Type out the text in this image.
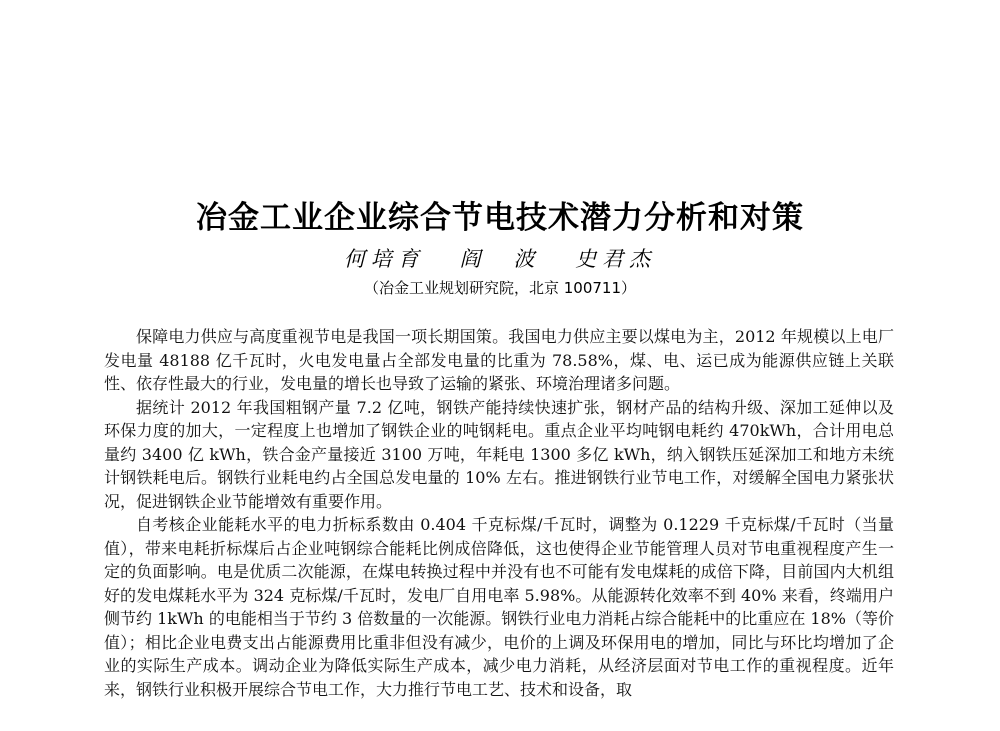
冶金工业企业综合节电技术潜力分析和对策
何培育 阎　波 史君杰
（冶金工业规划研究院，北京 100711）

保障电力供应与高度重视节电是我国一项长期国策。我国电力供应主要以煤电为主，2012 年规模以上电厂发电量 48188 亿千瓦时，火电发电量占全部发电量的比重为 78.58%，煤、电、运已成为能源供应链上关联性、依存性最大的行业，发电量的增长也导致了运输的紧张、环境治理诸多问题。

据统计 2012 年我国粗钢产量 7.2 亿吨，钢铁产能持续快速扩张，钢材产品的结构升级、深加工延伸以及环保力度的加大，一定程度上也增加了钢铁企业的吨钢耗电。重点企业平均吨钢电耗约 470kWh，合计用电总量约 3400 亿 kWh，铁合金产量接近 3100 万吨，年耗电 1300 多亿 kWh，纳入钢铁压延深加工和地方未统计钢铁耗电后。钢铁行业耗电约占全国总发电量的 10% 左右。推进钢铁行业节电工作，对缓解全国电力紧张状况，促进钢铁企业节能增效有重要作用。

自考核企业能耗水平的电力折标系数由 0.404 千克标煤/千瓦时，调整为 0.1229 千克标煤/千瓦时（当量值），带来电耗折标煤后占企业吨钢综合能耗比例成倍降低，这也使得企业节能管理人员对节电重视程度产生一定的负面影响。电是优质二次能源，在煤电转换过程中并没有也不可能有发电煤耗的成倍下降，目前国内大机组好的发电煤耗水平为 324 克标煤/千瓦时，发电厂自用电率 5.98%。从能源转化效率不到 40% 来看，终端用户侧节约 1kWh 的电能相当于节约 3 倍数量的一次能源。钢铁行业电力消耗占综合能耗中的比重应在 18%（等价值）；相比企业电费支出占能源费用比重非但没有减少，电价的上调及环保用电的增加，同比与环比均增加了企业的实际生产成本。调动企业为降低实际生产成本，减少电力消耗，从经济层面对节电工作的重视程度。近年来，钢铁行业积极开展综合节电工作，大力推行节电工艺、技术和设备，取
